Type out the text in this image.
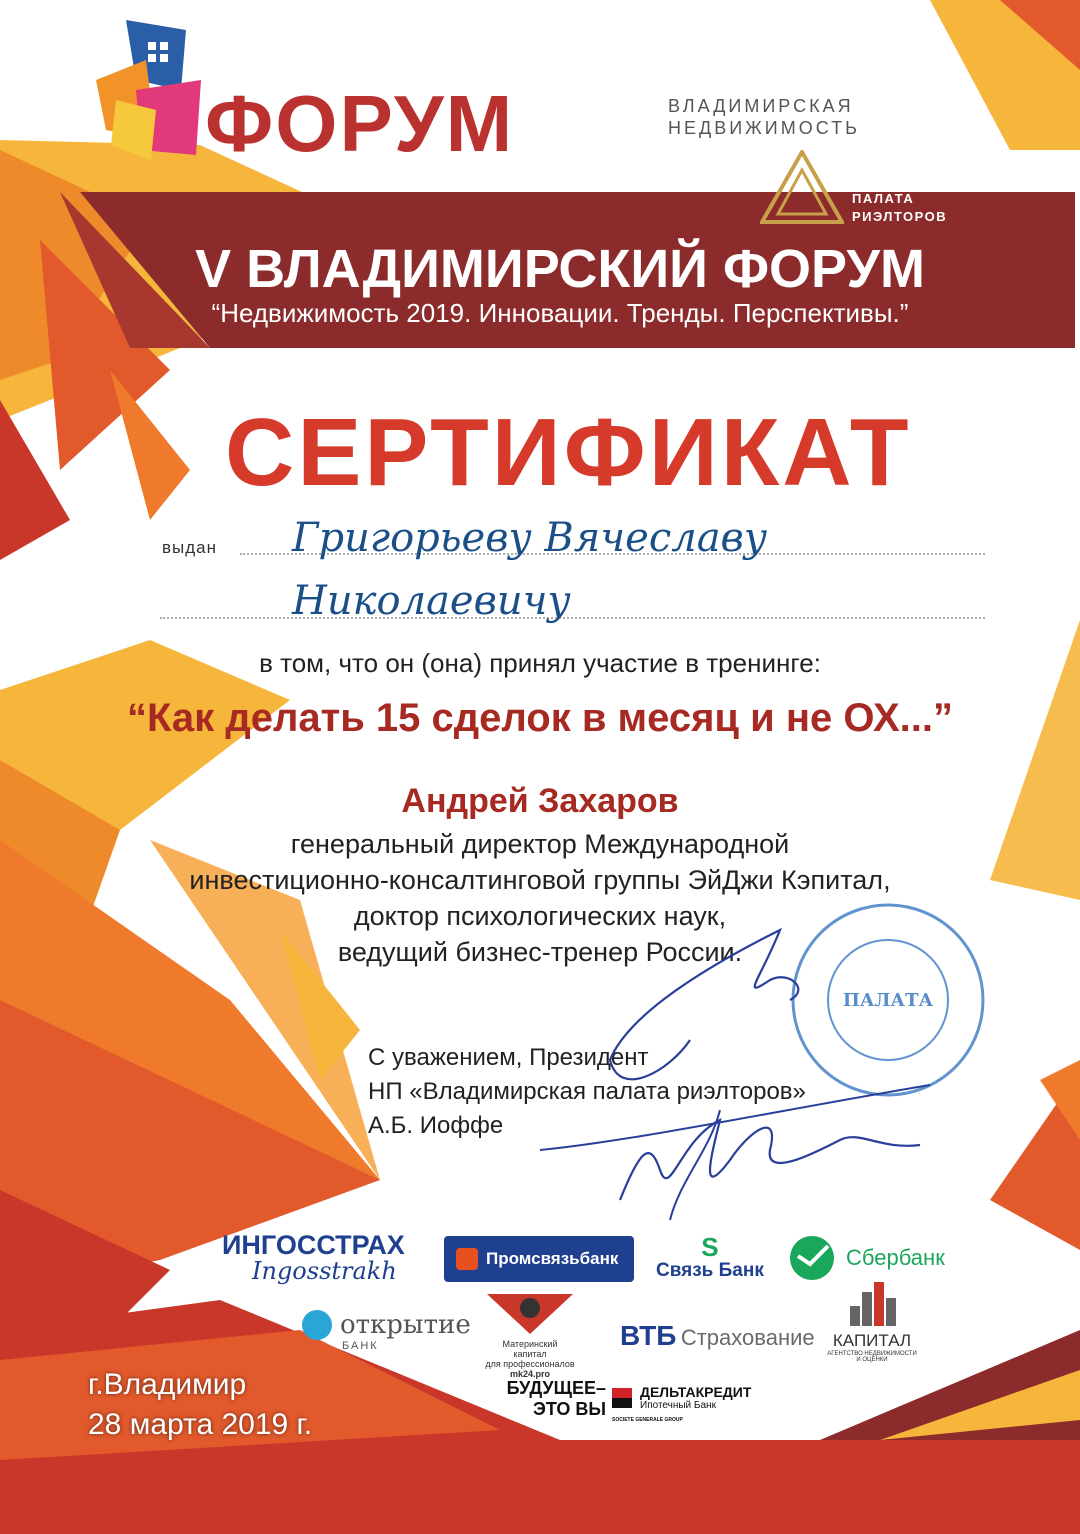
ФОРУМ	ВЛАДИМИРСКАЯ
НЕДВИЖИМОСТЬ
ВЛАДИМИРСКАЯ
ПАЛАТА
РИЭЛТОРОВ
V ВЛАДИМИРСКИЙ ФОРУМ
“Недвижимость 2019. Инновации. Тренды. Перспективы.”
СЕРТИФИКАТ
выдан Григорьеву Вячеславу
Николаевичу
в том, что он (она) принял участие в тренинге:
“Как делать 15 сделок в месяц и не ОХ...”
Андрей Захаров
генеральный директор Международной
инвестиционно-консалтинговой группы ЭйДжи Кэпитал,
доктор психологических наук,
ведущий бизнес-тренер России.
С уважением, Президент
НП «Владимирская палата риэлторов»
А.Б. Иоффе
ПАЛАТА
ИНГОССТРАХ
Ingosstrakh	Промсвязьбанк	S
Связь Банк
Сбербанк
открытие
БАНК	Материнский капитал
для профессионалов
mk24.pro
ВТБ Страхование	КАПИТАЛ
АГЕНТСТВО НЕДВИЖИМОСТИ И ОЦЕНКИ
БУДУЩЕЕ–
ЭТО ВЫ
ДЕЛЬТАКРЕДИТ
Ипотечный Банк
SOCIETE GENERALE GROUP
г.Владимир
28 марта 2019 г.
